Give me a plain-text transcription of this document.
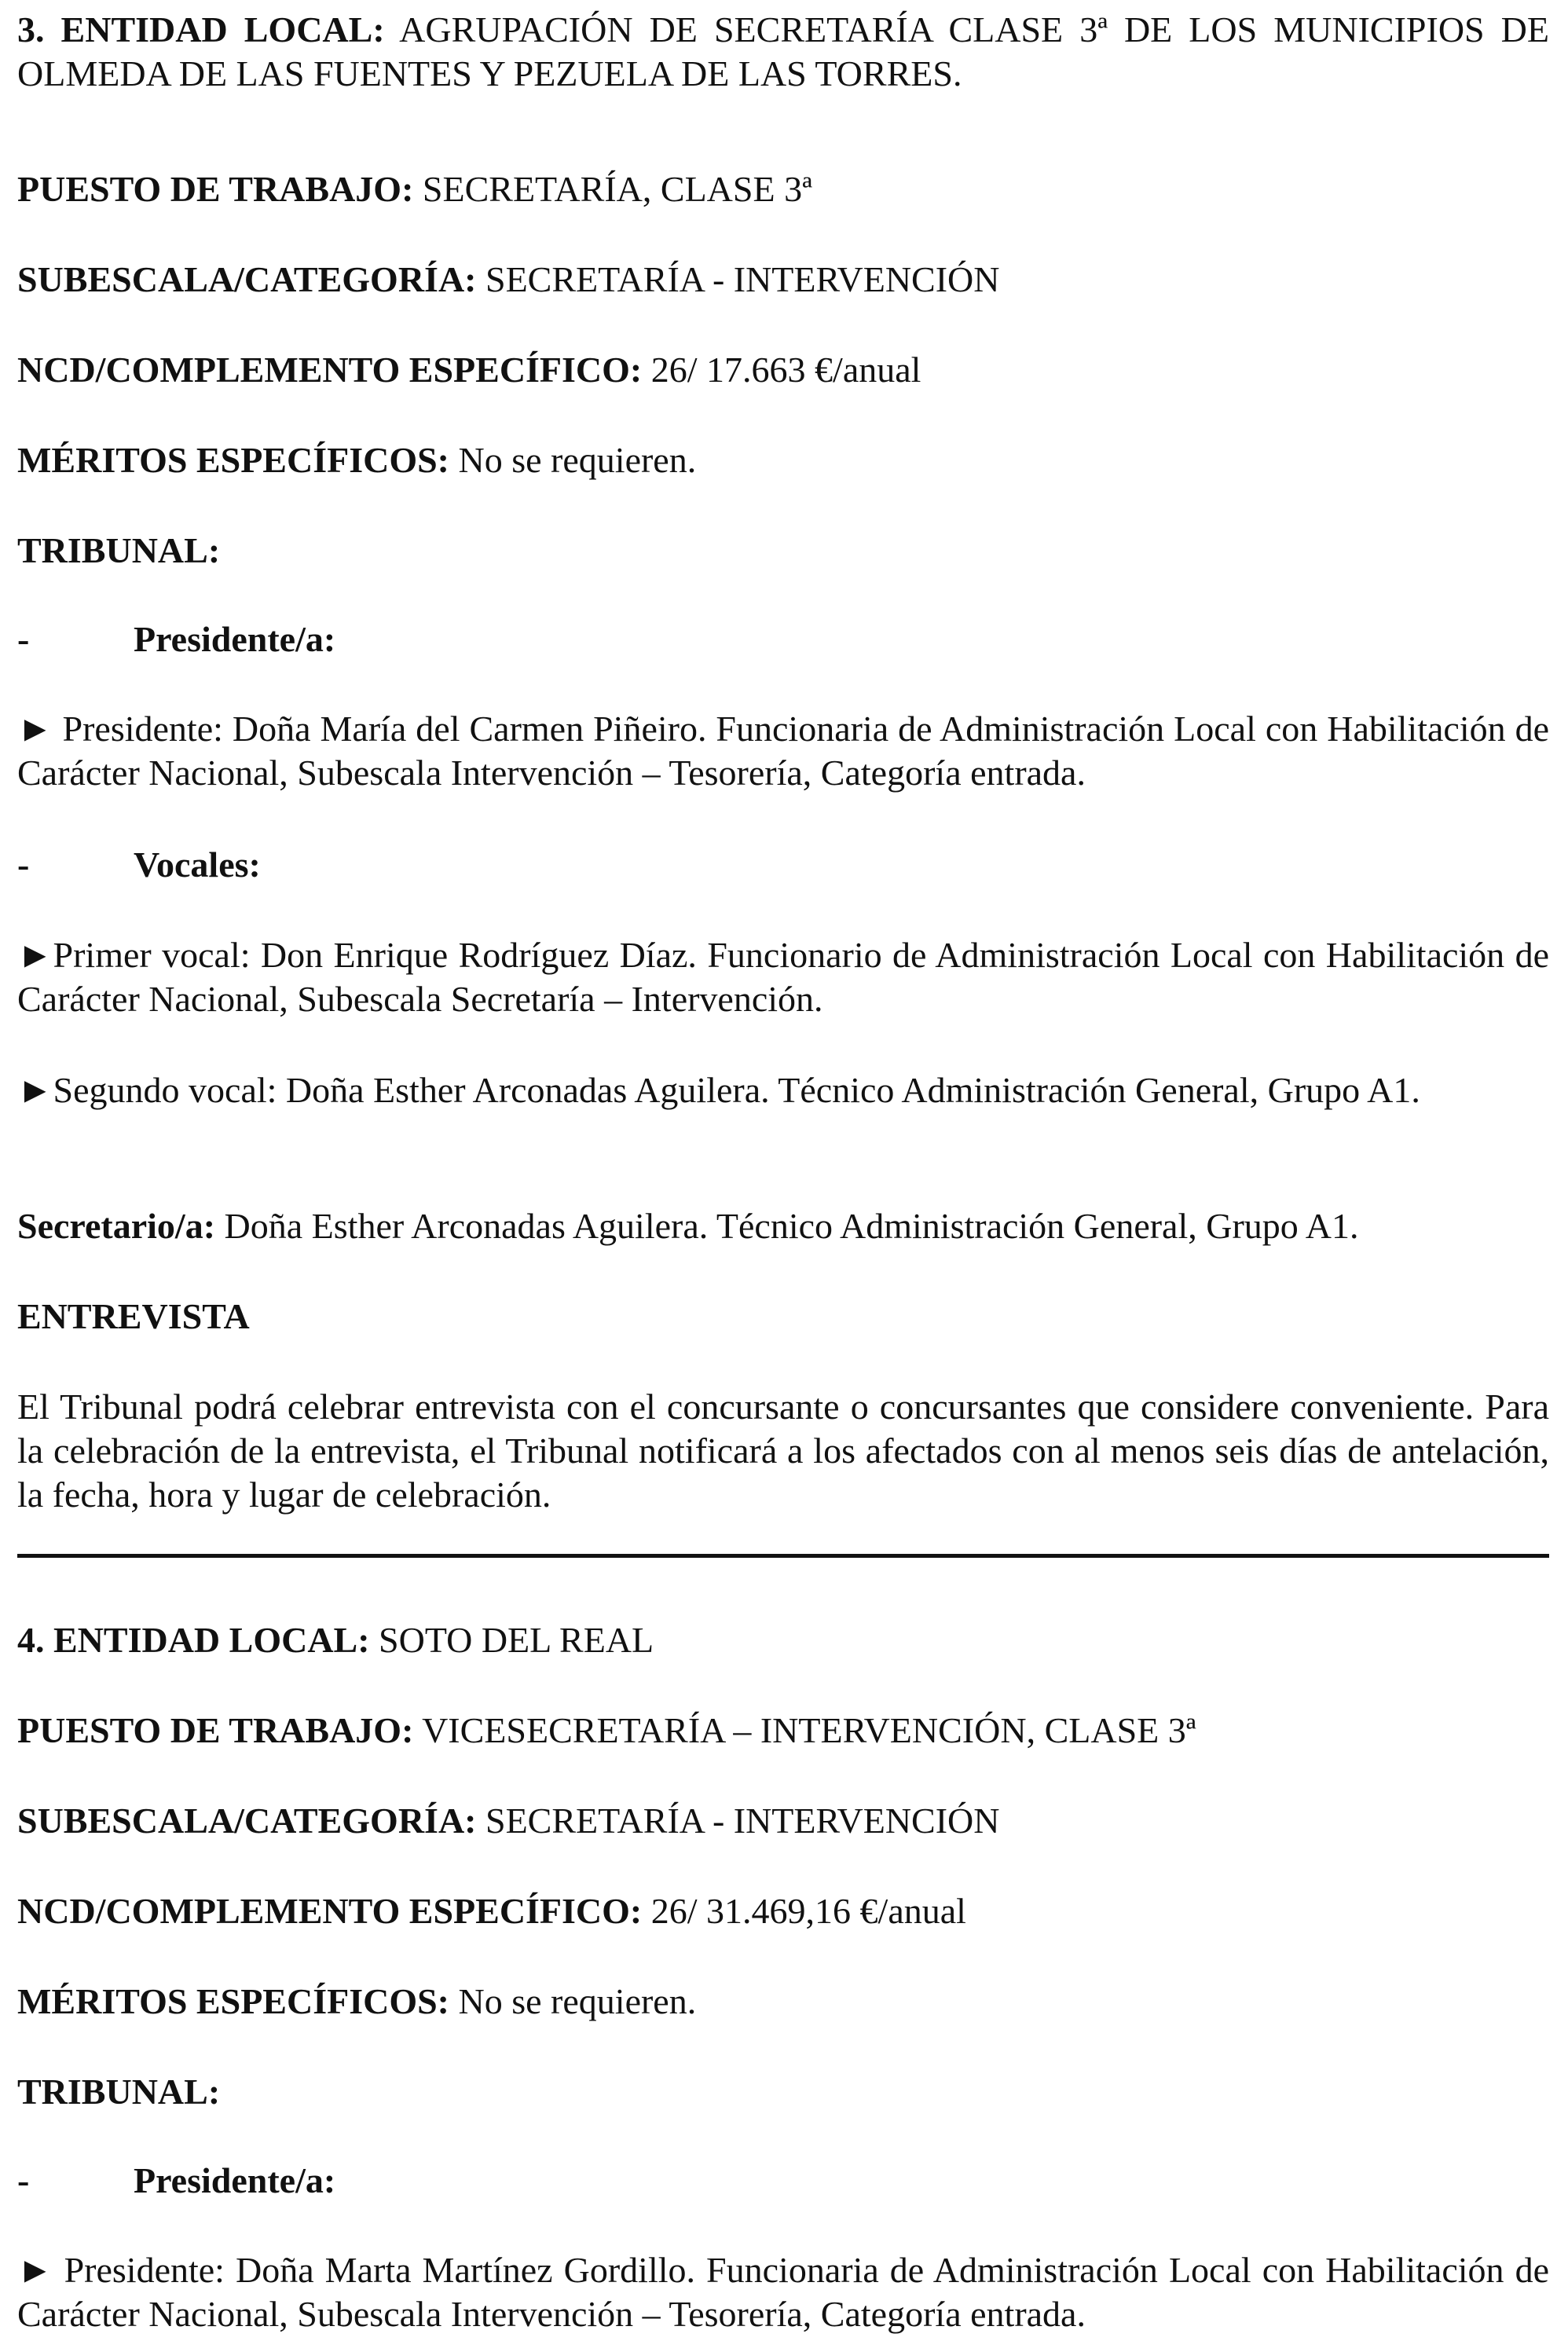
3. ENTIDAD LOCAL: AGRUPACIÓN DE SECRETARÍA CLASE 3ª DE LOS MUNICIPIOS DE OLMEDA DE LAS FUENTES Y PEZUELA DE LAS TORRES.
PUESTO DE TRABAJO: SECRETARÍA, CLASE 3ª
SUBESCALA/CATEGORÍA: SECRETARÍA - INTERVENCIÓN
NCD/COMPLEMENTO ESPECÍFICO: 26/ 17.663 €/anual
MÉRITOS ESPECÍFICOS: No se requieren.
TRIBUNAL:
-	Presidente/a:
► Presidente: Doña María del Carmen Piñeiro. Funcionaria de Administración Local con Habilitación de Carácter Nacional, Subescala Intervención – Tesorería, Categoría entrada.
-	Vocales:
►Primer vocal: Don Enrique Rodríguez Díaz. Funcionario de Administración Local con Habilitación de Carácter Nacional, Subescala Secretaría – Intervención.
►Segundo vocal: Doña Esther Arconadas Aguilera. Técnico Administración General, Grupo A1.
Secretario/a: Doña Esther Arconadas Aguilera. Técnico Administración General, Grupo A1.
ENTREVISTA
El Tribunal podrá celebrar entrevista con el concursante o concursantes que considere conveniente. Para la celebración de la entrevista, el Tribunal notificará a los afectados con al menos seis días de antelación, la fecha, hora y lugar de celebración.
4. ENTIDAD LOCAL: SOTO DEL REAL
PUESTO DE TRABAJO: VICESECRETARÍA – INTERVENCIÓN, CLASE 3ª
SUBESCALA/CATEGORÍA: SECRETARÍA - INTERVENCIÓN
NCD/COMPLEMENTO ESPECÍFICO: 26/ 31.469,16 €/anual
MÉRITOS ESPECÍFICOS: No se requieren.
TRIBUNAL:
-	Presidente/a:
► Presidente: Doña Marta Martínez Gordillo. Funcionaria de Administración Local con Habilitación de Carácter Nacional, Subescala Intervención – Tesorería, Categoría entrada.
